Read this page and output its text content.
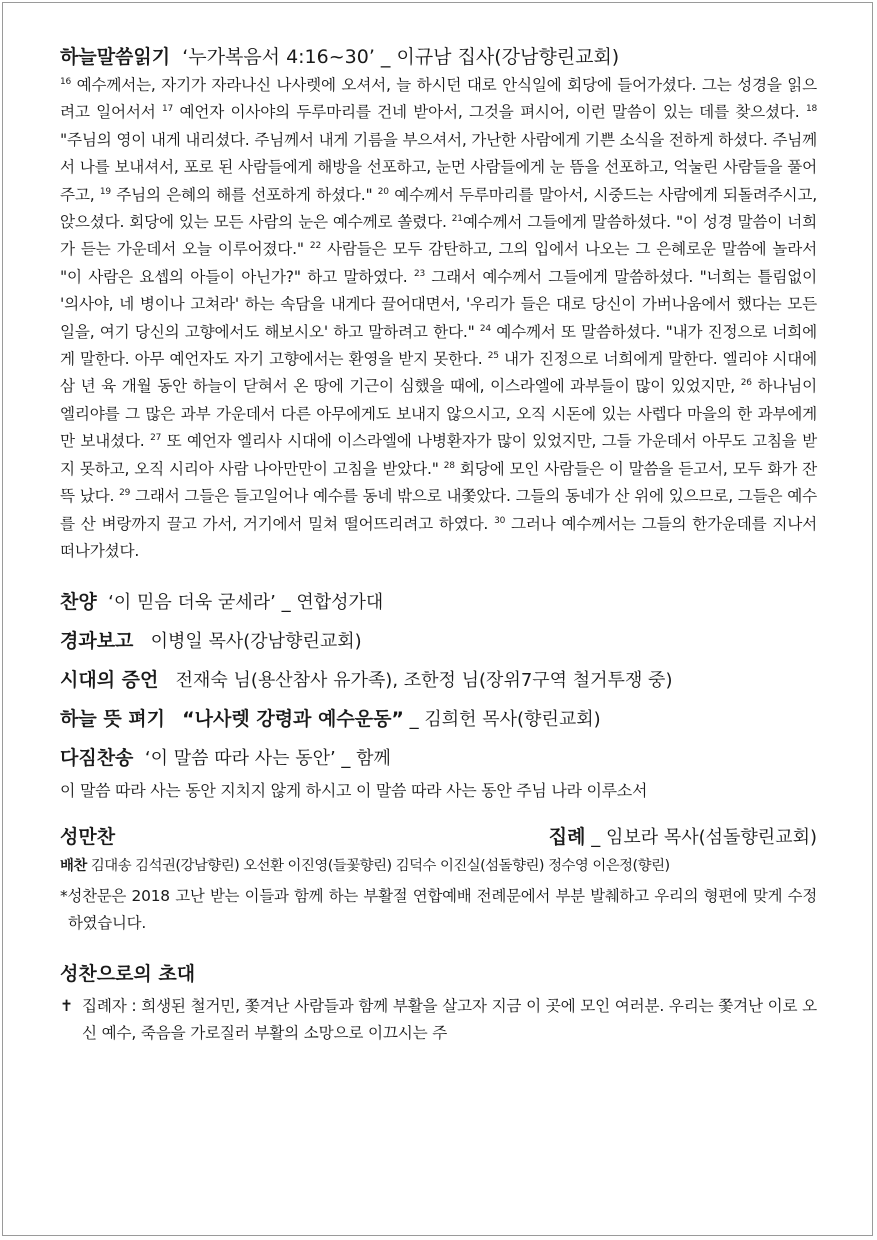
하늘말씀읽기 ‘누가복음서 4:16~30’ _ 이규남 집사(강남향린교회)

$^{16}$ 예수께서는, 자기가 자라나신 나사렛에 오셔서, 늘 하시던 대로 안식일에 회당에 들어가셨다. 그는 성경을 읽으려고 일어서서 $^{17}$ 예언자 이사야의 두루마리를 건네 받아서, 그것을 펴시어, 이런 말씀이 있는 데를 찾으셨다. $^{18}$ "주님의 영이 내게 내리셨다. 주님께서 내게 기름을 부으셔서, 가난한 사람에게 기쁜 소식을 전하게 하셨다. 주님께서 나를 보내셔서, 포로 된 사람들에게 해방을 선포하고, 눈먼 사람들에게 눈 뜸을 선포하고, 억눌린 사람들을 풀어 주고, $^{19}$ 주님의 은혜의 해를 선포하게 하셨다." $^{20}$ 예수께서 두루마리를 말아서, 시중드는 사람에게 되돌려주시고, 앉으셨다. 회당에 있는 모든 사람의 눈은 예수께로 쏠렸다. $^{21}$예수께서 그들에게 말씀하셨다. "이 성경 말씀이 너희가 듣는 가운데서 오늘 이루어졌다." $^{22}$ 사람들은 모두 감탄하고, 그의 입에서 나오는 그 은혜로운 말씀에 놀라서 "이 사람은 요셉의 아들이 아닌가?" 하고 말하였다. $^{23}$ 그래서 예수께서 그들에게 말씀하셨다. "너희는 틀림없이 '의사야, 네 병이나 고쳐라' 하는 속담을 내게다 끌어대면서, '우리가 들은 대로 당신이 가버나움에서 했다는 모든 일을, 여기 당신의 고향에서도 해보시오' 하고 말하려고 한다." $^{24}$ 예수께서 또 말씀하셨다. "내가 진정으로 너희에게 말한다. 아무 예언자도 자기 고향에서는 환영을 받지 못한다. $^{25}$ 내가 진정으로 너희에게 말한다. 엘리야 시대에 삼 년 육 개월 동안 하늘이 닫혀서 온 땅에 기근이 심했을 때에, 이스라엘에 과부들이 많이 있었지만, $^{26}$ 하나님이 엘리야를 그 많은 과부 가운데서 다른 아무에게도 보내지 않으시고, 오직 시돈에 있는 사렙다 마을의 한 과부에게만 보내셨다. $^{27}$ 또 예언자 엘리사 시대에 이스라엘에 나병환자가 많이 있었지만, 그들 가운데서 아무도 고침을 받지 못하고, 오직 시리아 사람 나아만만이 고침을 받았다." $^{28}$ 회당에 모인 사람들은 이 말씀을 듣고서, 모두 화가 잔뜩 났다. $^{29}$ 그래서 그들은 들고일어나 예수를 동네 밖으로 내쫓았다. 그들의 동네가 산 위에 있으므로, 그들은 예수를 산 벼랑까지 끌고 가서, 거기에서 밀쳐 떨어뜨리려고 하였다. $^{30}$ 그러나 예수께서는 그들의 한가운데를 지나서 떠나가셨다.

찬양 ‘이 믿음 더욱 굳세라’ _ 연합성가대

경과보고 이병일 목사(강남향린교회)

시대의 증언 전재숙 님(용산참사 유가족), 조한정 님(장위7구역 철거투쟁 중)

하늘 뜻 펴기 “나사렛 강령과 예수운동” _ 김희헌 목사(향린교회)

다짐찬송 ‘이 말씀 따라 사는 동안’ _ 함께

이 말씀 따라 사는 동안 지치지 않게 하시고 이 말씀 따라 사는 동안 주님 나라 이루소서

성만찬	집례 _ 임보라 목사(섬돌향린교회)

배찬 김대송 김석권(강남향린) 오선환 이진영(들꽃향린) 김덕수 이진실(섬돌향린) 정수영 이은정(향린)

*성찬문은 2018 고난 받는 이들과 함께 하는 부활절 연합예배 전례문에서 부분 발췌하고 우리의 형편에 맞게 수정하였습니다.

성찬으로의 초대

✝ 집례자 : 희생된 철거민, 쫓겨난 사람들과 함께 부활을 살고자 지금 이 곳에 모인 여러분. 우리는 쫓겨난 이로 오신 예수, 죽음을 가로질러 부활의 소망으로 이끄시는 주
